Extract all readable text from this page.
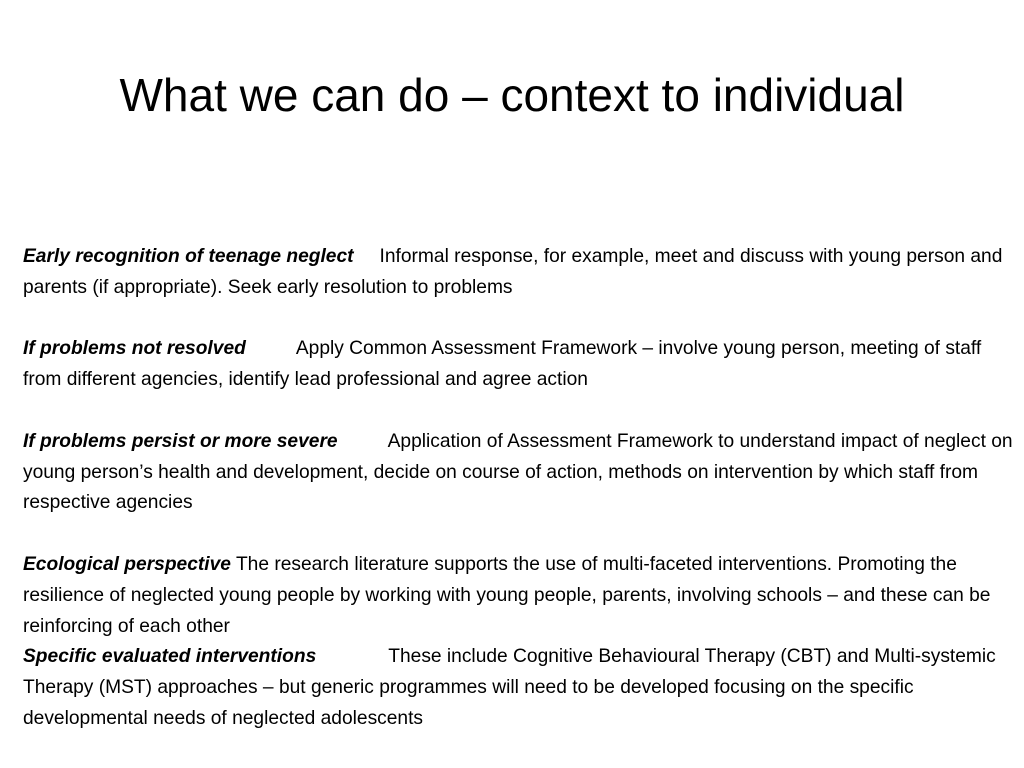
What we can do – context to individual

Early recognition of teenage neglect Informal response, for example, meet and discuss with young person and parents (if appropriate). Seek early resolution to problems

If problems not resolved	Apply Common Assessment Framework – involve young person, meeting of staff from different agencies, identify lead professional and agree action

If problems persist or more severe	Application of Assessment Framework to understand impact of neglect on young person’s health and development, decide on course of action, methods on intervention by which staff from respective agencies

Ecological perspective The research literature supports the use of multi-faceted interventions. Promoting the resilience of neglected young people by working with young people, parents, involving schools – and these can be reinforcing of each other

Specific evaluated interventions	These include Cognitive Behavioural Therapy (CBT) and Multi-systemic Therapy (MST) approaches – but generic programmes will need to be developed focusing on the specific developmental needs of neglected adolescents
